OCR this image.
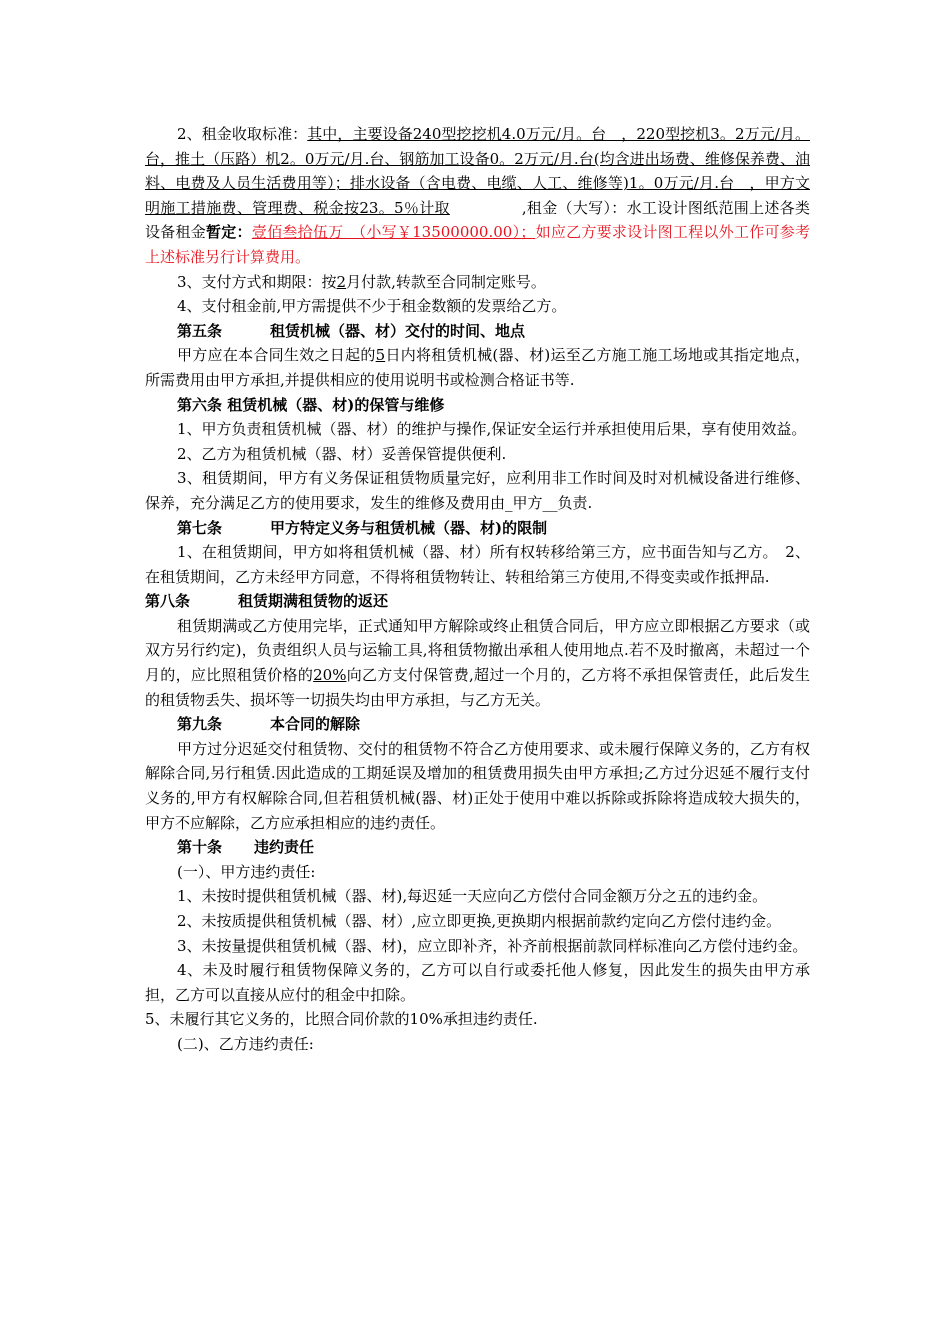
2、租金收取标准：其中，主要设备240型挖挖机4.0万元/月。台　，220型挖机3。2万元/月。台，推土（压路）机2。0万元/月.台、钢筋加工设备0。2万元/月.台(均含进出场费、维修保养费、油料、电费及人员生活费用等）；排水设备（含电费、电缆、人工、维修等)1。0万元/月.台　，甲方文明施工措施费、管理费、税金按23。5％计取　　 ,租金（大写）：水工设计图纸范围上述各类设备租金暂定：壹佰叁拾伍万　（小写￥13500000.00）；如应乙方要求设计图工程以外工作可参考上述标准另行计算费用。

3、支付方式和期限：按2月付款,转款至合同制定账号。

4、支付租金前,甲方需提供不少于租金数额的发票给乙方。

第五条	租赁机械（器、材）交付的时间、地点

甲方应在本合同生效之日起的5日内将租赁机械(器、材)运至乙方施工施工场地或其指定地点，所需费用由甲方承担,并提供相应的使用说明书或检测合格证书等.

第六条 租赁机械（器、材)的保管与维修

1、甲方负责租赁机械（器、材）的维护与操作,保证安全运行并承担使用后果，享有使用效益。

2、乙方为租赁机械（器、材）妥善保管提供便利.

3、租赁期间，甲方有义务保证租赁物质量完好，应利用非工作时间及时对机械设备进行维修、保养，充分满足乙方的使用要求，发生的维修及费用由_甲方__负责.

第七条	甲方特定义务与租赁机械（器、材)的限制

1、在租赁期间，甲方如将租赁机械（器、材）所有权转移给第三方，应书面告知与乙方。　2、在租赁期间，乙方未经甲方同意，不得将租赁物转让、转租给第三方使用,不得变卖或作抵押品.

第八条	租赁期满租赁物的返还

租赁期满或乙方使用完毕，正式通知甲方解除或终止租赁合同后，甲方应立即根据乙方要求（或双方另行约定)，负责组织人员与运输工具,将租赁物撤出承租人使用地点.若不及时撤离，未超过一个月的，应比照租赁价格的20%向乙方支付保管费,超过一个月的，乙方将不承担保管责任，此后发生的租赁物丢失、损坏等一切损失均由甲方承担，与乙方无关。

第九条	本合同的解除

甲方过分迟延交付租赁物、交付的租赁物不符合乙方使用要求、或未履行保障义务的，乙方有权解除合同,另行租赁.因此造成的工期延误及增加的租赁费用损失由甲方承担;乙方过分迟延不履行支付义务的,甲方有权解除合同,但若租赁机械(器、材)正处于使用中难以拆除或拆除将造成较大损失的，甲方不应解除，乙方应承担相应的违约责任。

第十条 违约责任

(一）、甲方违约责任:

1、未按时提供租赁机械（器、材),每迟延一天应向乙方偿付合同金额万分之五的违约金。

2、未按质提供租赁机械（器、材）,应立即更换,更换期内根据前款约定向乙方偿付违约金。

3、未按量提供租赁机械（器、材)，应立即补齐，补齐前根据前款同样标准向乙方偿付违约金。

4、未及时履行租赁物保障义务的，乙方可以自行或委托他人修复，因此发生的损失由甲方承担，乙方可以直接从应付的租金中扣除。

5、未履行其它义务的，比照合同价款的10%承担违约责任.

(二)、乙方违约责任:
